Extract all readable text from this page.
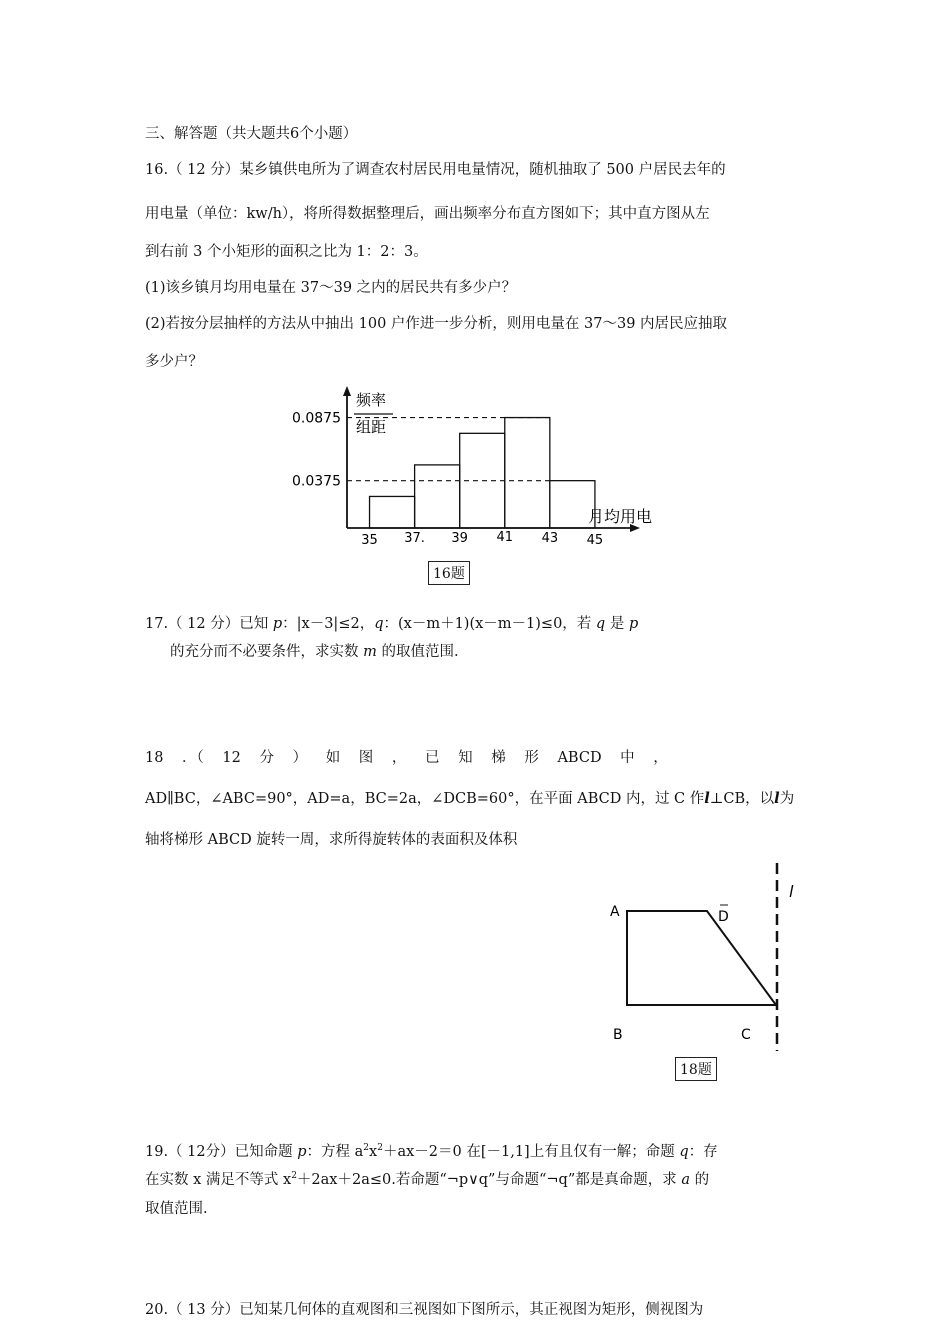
三、解答题（共大题共6个小题）
16.（ 12 分）某乡镇供电所为了调查农村居民用电量情况，随机抽取了 500 户居民去年的
用电量（单位：kw/h），将所得数据整理后，画出频率分布直方图如下；其中直方图从左
到右前 3 个小矩形的面积之比为 1：2：3。
(1)该乡镇月均用电量在 37～39 之内的居民共有多少户？
(2)若按分层抽样的方法从中抽出 100 户作进一步分析，则用电量在 37～39 内居民应抽取
多少户？
0.0875
0.0375
35 37. 39 41 43 45
频率
组距
月均用电
16题
17.（ 12 分）已知 p：|x－3|≤2，q：(x－m＋1)(x－m－1)≤0，若 q 是 p
的充分而不必要条件，求实数 m 的取值范围.
18 ．（ 12 分 ） 如 图 ， 已 知 梯 形 ABCD 中 ，
AD∥BC，∠ABC=90°，AD=a，BC=2a，∠DCB=60°，在平面 ABCD 内，过 C 作l⊥CB，以l为
轴将梯形 ABCD 旋转一周，求所得旋转体的表面积及体积
A	D
B	C
l
18题
19.（ 12分）已知命题 p：方程 $a^2x^2+ax-2=0$ 在[－1,1]上有且仅有一解；命题 q：存
在实数 x 满足不等式 $x^2+2ax+2a\le 0$.若命题“¬p∨q”与命题“¬q”都是真命题，求 a 的
取值范围.
20.（ 13 分）已知某几何体的直观图和三视图如下图所示，其正视图为矩形，侧视图为
